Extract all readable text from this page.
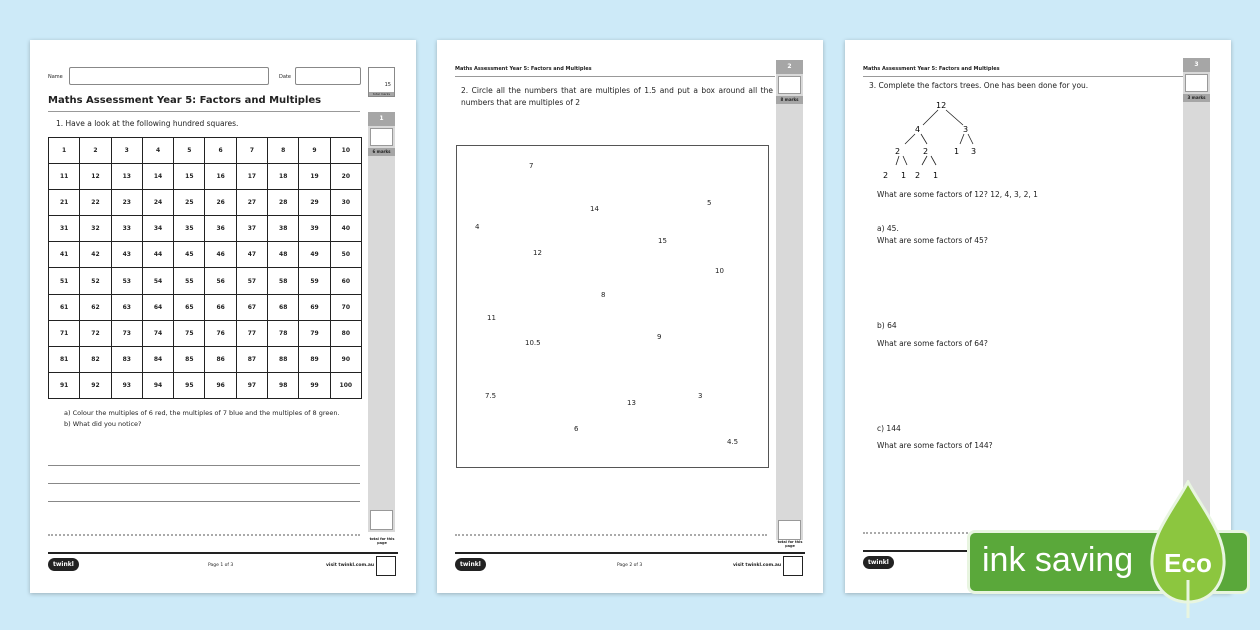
Name	Date
15
total marks
Maths Assessment Year 5: Factors and Multiples
1
6 marks
total for this page
1. Have a look at the following hundred squares.
1	2	3	4	5	6	7	8	9	10
11	12	13	14	15	16	17	18	19	20
21	22	23	24	25	26	27	28	29	30
31	32	33	34	35	36	37	38	39	40
41	42	43	44	45	46	47	48	49	50
51	52	53	54	55	56	57	58	59	60
61	62	63	64	65	66	67	68	69	70
71	72	73	74	75	76	77	78	79	80
81	82	83	84	85	86	87	88	89	90
91	92	93	94	95	96	97	98	99	100
a) Colour the multiples of 6 red, the multiples of 7 blue and the multiples of 8 green.
b) What did you notice?
twinkl	Page 1 of 3	visit twinkl.com.au
Maths Assessment Year 5: Factors and Multiples	2
8 marks
total for this page
2. Circle all the numbers that are multiples of 1.5 and put a box around all the numbers that are multiples of 2
7
14
5
4
15
12
10
8
11
9
10.5
7.5	3
13
6
4.5
twinkl	Page 2 of 3	visit twinkl.com.au
Maths Assessment Year 5: Factors and Multiples
3
3 marks
3. Complete the factors trees. One has been done for you.
12
4	3
2	2	1 3
2 1 2 1
What are some factors of 12? 12, 4, 3, 2, 1
a) 45.
What are some factors of 45?
b) 64
What are some factors of 64?
c) 144
What are some factors of 144?
twinkl	ink saving Eco
